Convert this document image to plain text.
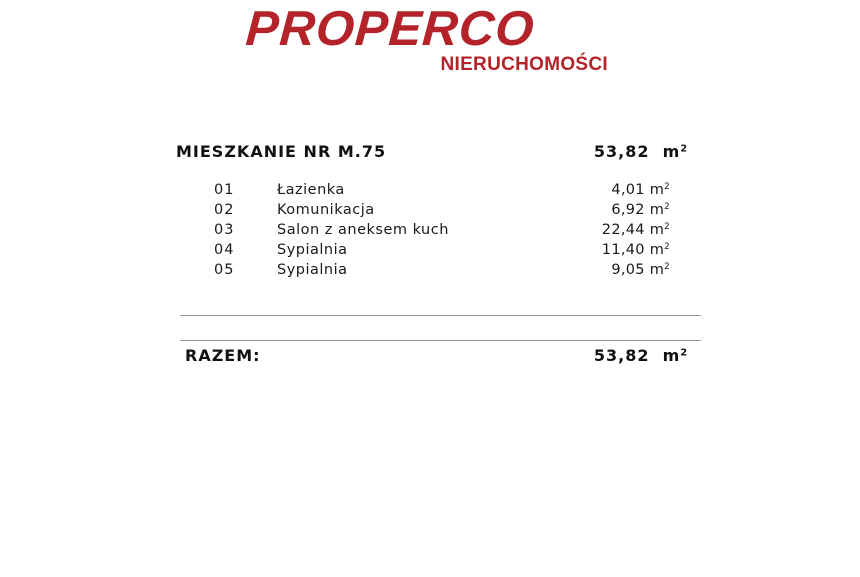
PROPERCO
NIERUCHOMOŚCI
MIESZKANIE NR M.75	53,82 $m^2$
01	Łazienka	4,01 $m^2$
02	Komunikacja	6,92 $m^2$
03	Salon z aneksem kuch	22,44 $m^2$
04	Sypialnia	11,40 $m^2$
05	Sypialnia	9,05 $m^2$
RAZEM:	53,82 $m^2$
